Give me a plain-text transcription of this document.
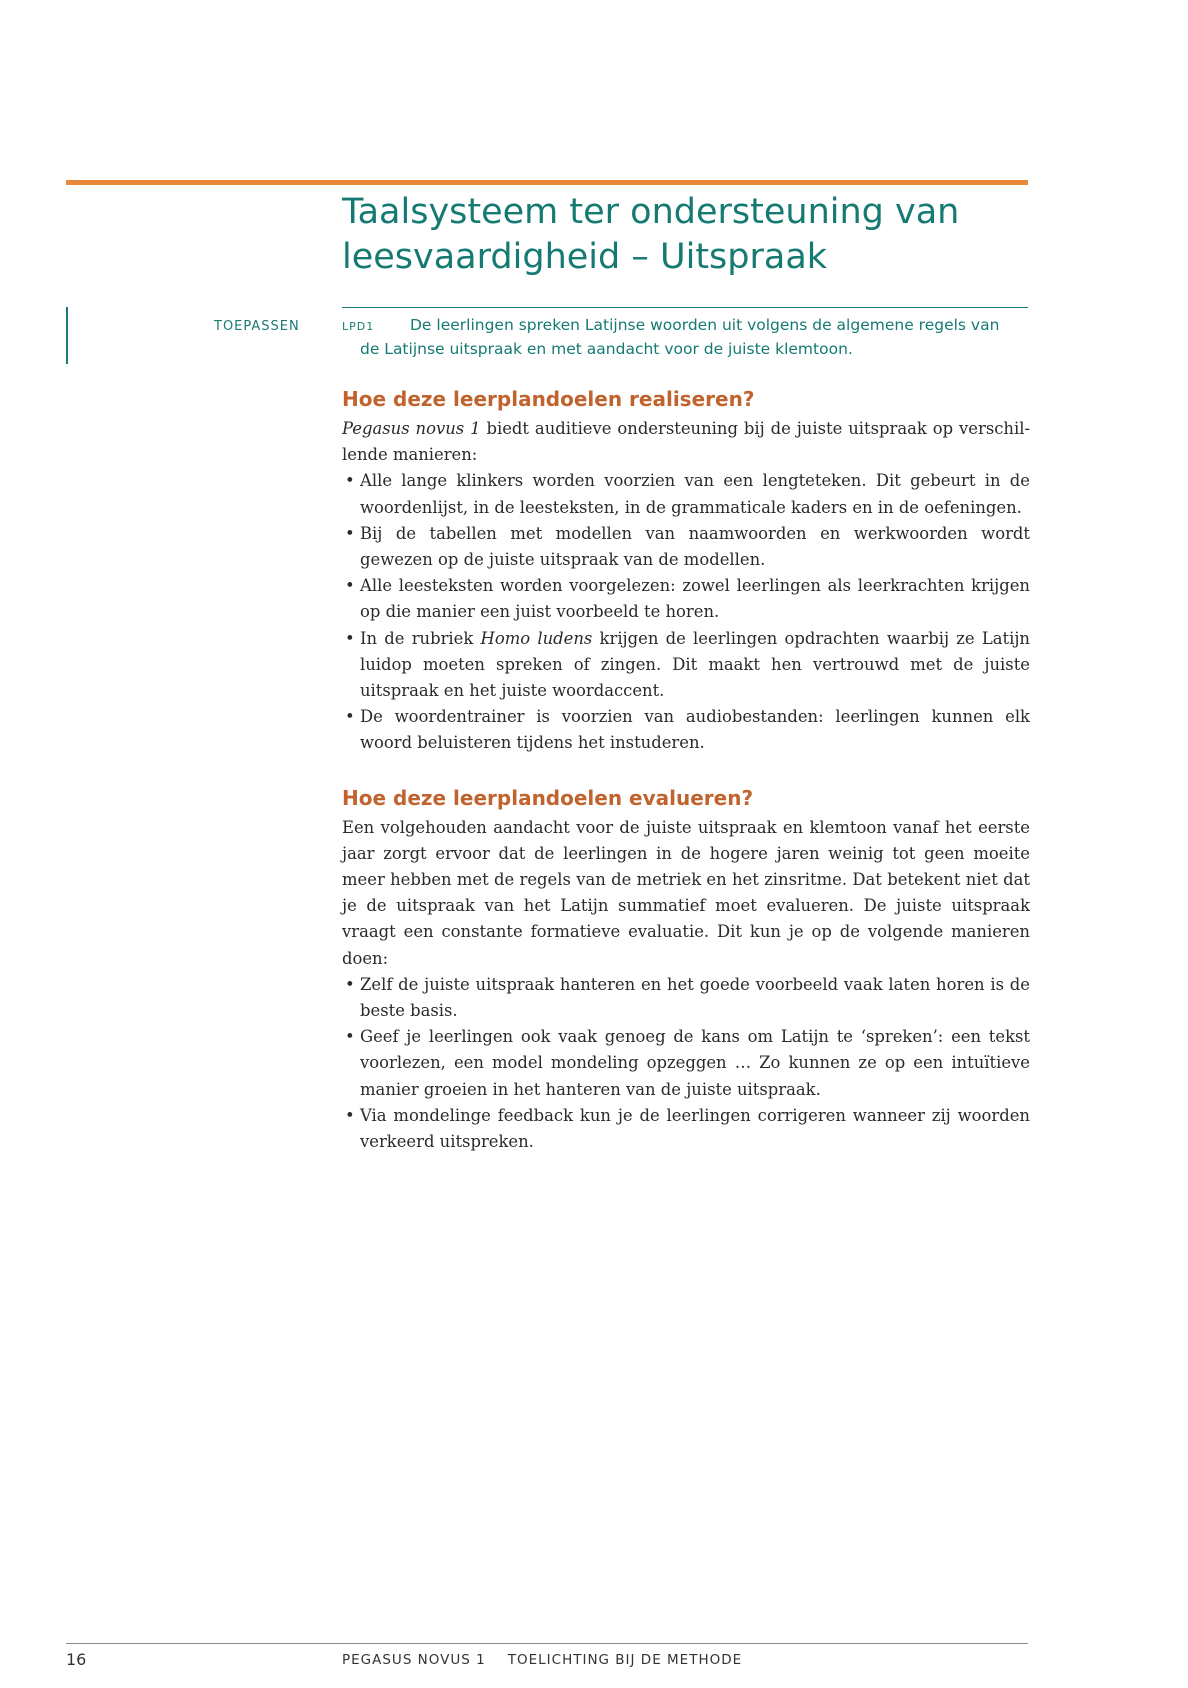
Taalsysteem ter ondersteuning van
leesvaardigheid – Uitspraak
TOEPASSEN	LPD1 De leerlingen spreken Latijnse woorden uit volgens de algemene regels van
de Latijnse uitspraak en met aandacht voor de juiste klemtoon.
Hoe deze leerplandoelen realiseren?

Pegasus novus 1 biedt auditieve ondersteuning bij de juiste uitspraak op verschillende manieren:

• Alle lange klinkers worden voorzien van een lengteteken. Dit gebeurt in de woordenlijst, in de leesteksten, in de grammaticale kaders en in de oefeningen.
• Bij de tabellen met modellen van naamwoorden en werkwoorden wordt gewezen op de juiste uitspraak van de modellen.
• Alle leesteksten worden voorgelezen: zowel leerlingen als leerkrachten krijgen op die manier een juist voorbeeld te horen.
• In de rubriek Homo ludens krijgen de leerlingen opdrachten waarbij ze Latijn luidop moeten spreken of zingen. Dit maakt hen vertrouwd met de juiste uitspraak en het juiste woordaccent.
• De woordentrainer is voorzien van audiobestanden: leerlingen kunnen elk woord beluisteren tijdens het instuderen.
Hoe deze leerplandoelen evalueren?

Een volgehouden aandacht voor de juiste uitspraak en klemtoon vanaf het eerste jaar zorgt ervoor dat de leerlingen in de hogere jaren weinig tot geen moeite meer hebben met de regels van de metriek en het zinsritme. Dat betekent niet dat je de uitspraak van het Latijn summatief moet evalueren. De juiste uitspraak vraagt een constante formatieve evaluatie. Dit kun je op de volgende manieren doen:

• Zelf de juiste uitspraak hanteren en het goede voorbeeld vaak laten horen is de beste basis.
• Geef je leerlingen ook vaak genoeg de kans om Latijn te ‘spreken’: een tekst voorlezen, een model mondeling opzeggen … Zo kunnen ze op een intuïtieve manier groeien in het hanteren van de juiste uitspraak.
• Via mondelinge feedback kun je de leerlingen corrigeren wanneer zij woorden verkeerd uitspreken.
16	PEGASUS NOVUS 1 TOELICHTING BIJ DE METHODE
